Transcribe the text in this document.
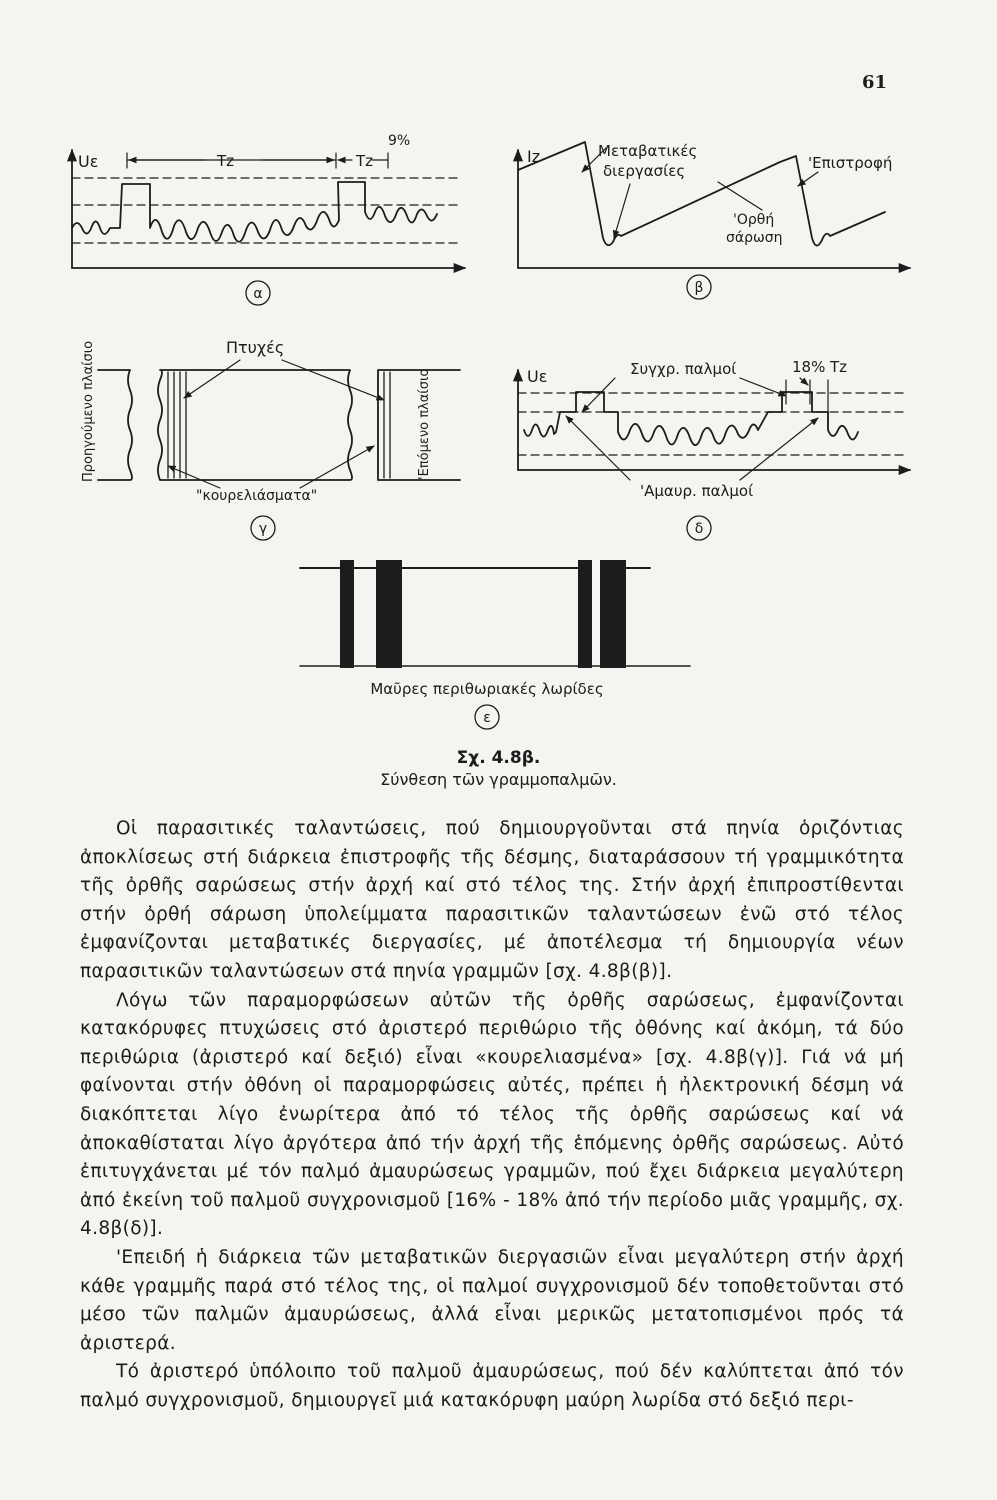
61
Uε	Tz	Tz
9%
α
Iz	Μεταβατικές
διεργασίες	'Επιστροφή
'Ορθή
σάρωση
β
Πτυχές
Προηγούμενο πλαίσιο	'Επόμενο πλαίσιο
"κουρελιάσματα"
γ
Uε	Συγχρ. παλμοί	18% Tz
'Αμαυρ. παλμοί
δ
Μαῦρες περιθωριακές λωρίδες
ε
Σχ. 4.8β.
Σύνθεση τῶν γραμμοπαλμῶν.

Οἱ παρασιτικές ταλαντώσεις, πού δημιουργοῦνται στά πηνία ὁριζόντιας ἀποκλίσεως στή διάρκεια ἐπιστροφῆς τῆς δέσμης, διαταράσσουν τή γραμμικότητα τῆς ὀρθῆς σαρώσεως στήν ἀρχή καί στό τέλος της. Στήν ἀρχή ἐπιπροστίθενται στήν ὀρθή σάρωση ὑπολείμματα παρασιτικῶν ταλαντώσεων ἐνῶ στό τέλος ἐμφανίζονται μεταβατικές διεργασίες, μέ ἀποτέλεσμα τή δημιουργία νέων παρασιτικῶν ταλαντώσεων στά πηνία γραμμῶν [σχ. 4.8β(β)].

Λόγω τῶν παραμορφώσεων αὐτῶν τῆς ὀρθῆς σαρώσεως, ἐμφανίζονται κατακόρυφες πτυχώσεις στό ἀριστερό περιθώριο τῆς ὀθόνης καί ἀκόμη, τά δύο περιθώρια (ἀριστερό καί δεξιό) εἶναι «κουρελιασμένα» [σχ. 4.8β(γ)]. Γιά νά μή φαίνονται στήν ὀθόνη οἱ παραμορφώσεις αὐτές, πρέπει ἡ ἠλεκτρονική δέσμη νά διακόπτεται λίγο ἐνωρίτερα ἀπό τό τέλος τῆς ὀρθῆς σαρώσεως καί νά ἀποκαθίσταται λίγο ἀργότερα ἀπό τήν ἀρχή τῆς ἑπόμενης ὀρθῆς σαρώσεως. Αὐτό ἐπιτυγχάνεται μέ τόν παλμό ἀμαυρώσεως γραμμῶν, πού ἔχει διάρκεια μεγαλύτερη ἀπό ἐκείνη τοῦ παλμοῦ συγχρονισμοῦ [16% - 18% ἀπό τήν περίοδο μιᾶς γραμμῆς, σχ. 4.8β(δ)].

'Επειδή ἡ διάρκεια τῶν μεταβατικῶν διεργασιῶν εἶναι μεγαλύτερη στήν ἀρχή κάθε γραμμῆς παρά στό τέλος της, οἱ παλμοί συγχρονισμοῦ δέν τοποθετοῦνται στό μέσο τῶν παλμῶν ἀμαυρώσεως, ἀλλά εἶναι μερικῶς μετατοπισμένοι πρός τά ἀριστερά.

Τό ἀριστερό ὑπόλοιπο τοῦ παλμοῦ ἀμαυρώσεως, πού δέν καλύπτεται ἀπό τόν παλμό συγχρονισμοῦ, δημιουργεῖ μιά κατακόρυφη μαύρη λωρίδα στό δεξιό περι-
